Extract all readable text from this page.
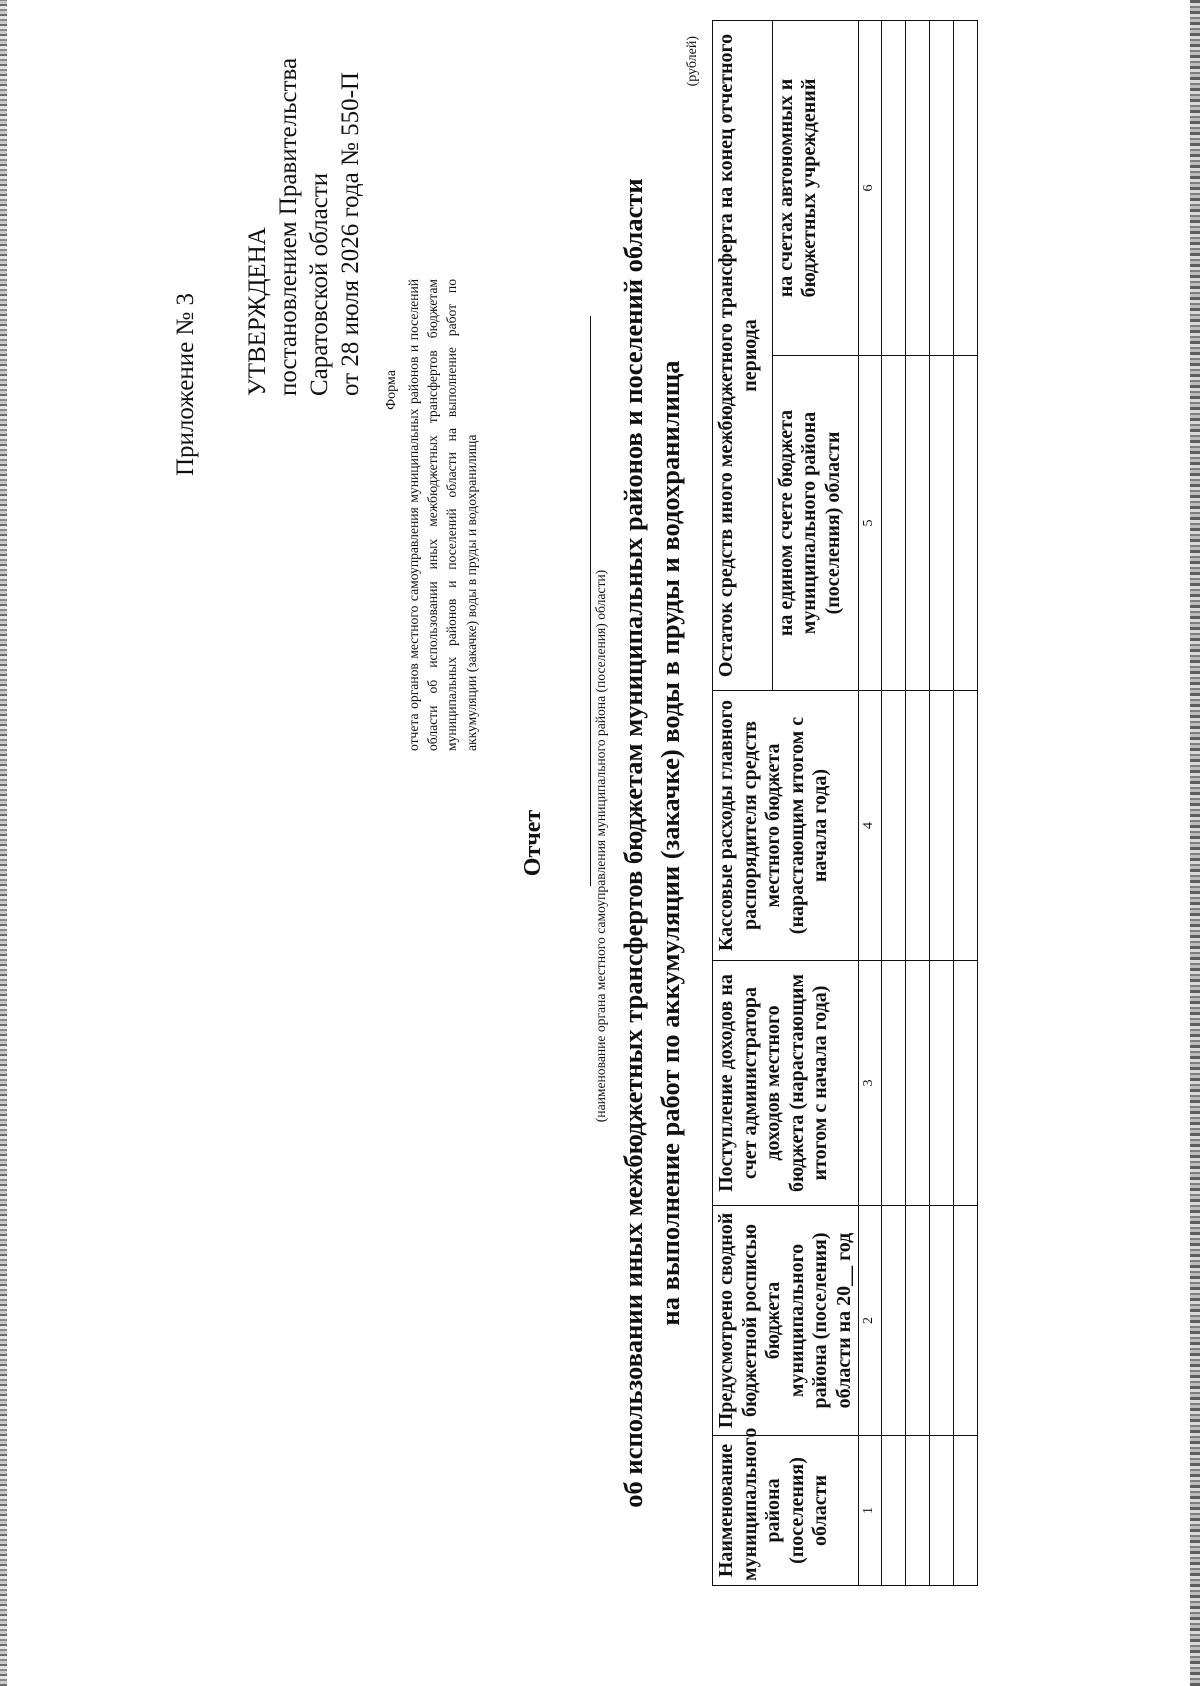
Приложение № 3 УТВЕРЖДЕНА постановлением Правительства Саратовской области от 28 июля 2026 года № 550-П Форма отчета органов местного самоуправления муниципальных районов и поселений области об использовании иных межбюджетных трансфертов бюджетам муниципальных районов и поселений области на выполнение работ по аккумуляции (закачке) воды в пруды и водохранилища
Отчет	(наименование органа местного самоуправления муниципального района (поселения) области) об использовании иных межбюджетных трансфертов бюджетам муниципальных районов и поселений области на выполнение работ по аккумуляции (закачке) воды в пруды и водохранилища
(рублей)
Наименование муниципального района (поселения) области	Предусмотрено сводной бюджетной росписью бюджета муниципального района (поселения) области на 20__ год	Поступление доходов на счет администратора доходов местного бюджета (нарастающим итогом с начала года)	Кассовые расходы главного распорядителя средств местного бюджета (нарастающим итогом с начала года)	Остаток средств иного межбюджетного трансферта на конец отчетного периода	
				на едином счете бюджета муниципального района (поселения) области	на счетах автономных и бюджетных учреждений
1	2	3	4	5	6
